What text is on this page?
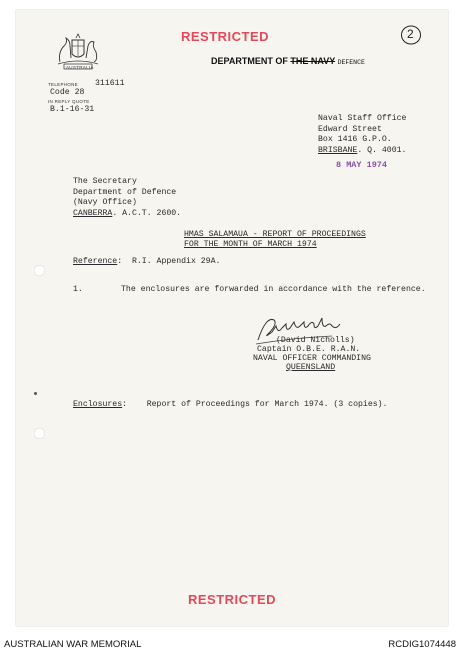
RESTRICTED	2
AUSTRALIA
DEPARTMENT OF THE NAVY DEFENCE
TELEPHONE 311611
Code 28
IN REPLY QUOTE
B.1-16-31
Naval Staff Office
Edward Street
Box 1416 G.P.O.
BRISBANE. Q. 4001.
8 MAY 1974
The Secretary
Department of Defence
(Navy Office)
CANBERRA. A.C.T. 2600.
HMAS SALAMAUA - REPORT OF PROCEEDINGS
FOR THE MONTH OF MARCH 1974
Reference:  R.I. Appendix 29A.
1.	The enclosures are forwarded in accordance with the reference.
(David Nicholls)
Captain O.B.E. R.A.N.
NAVAL OFFICER COMMANDING
QUEENSLAND
Enclosures:    Report of Proceedings for March 1974. (3 copies).
RESTRICTED
AUSTRALIAN WAR MEMORIAL	RCDIG1074448
